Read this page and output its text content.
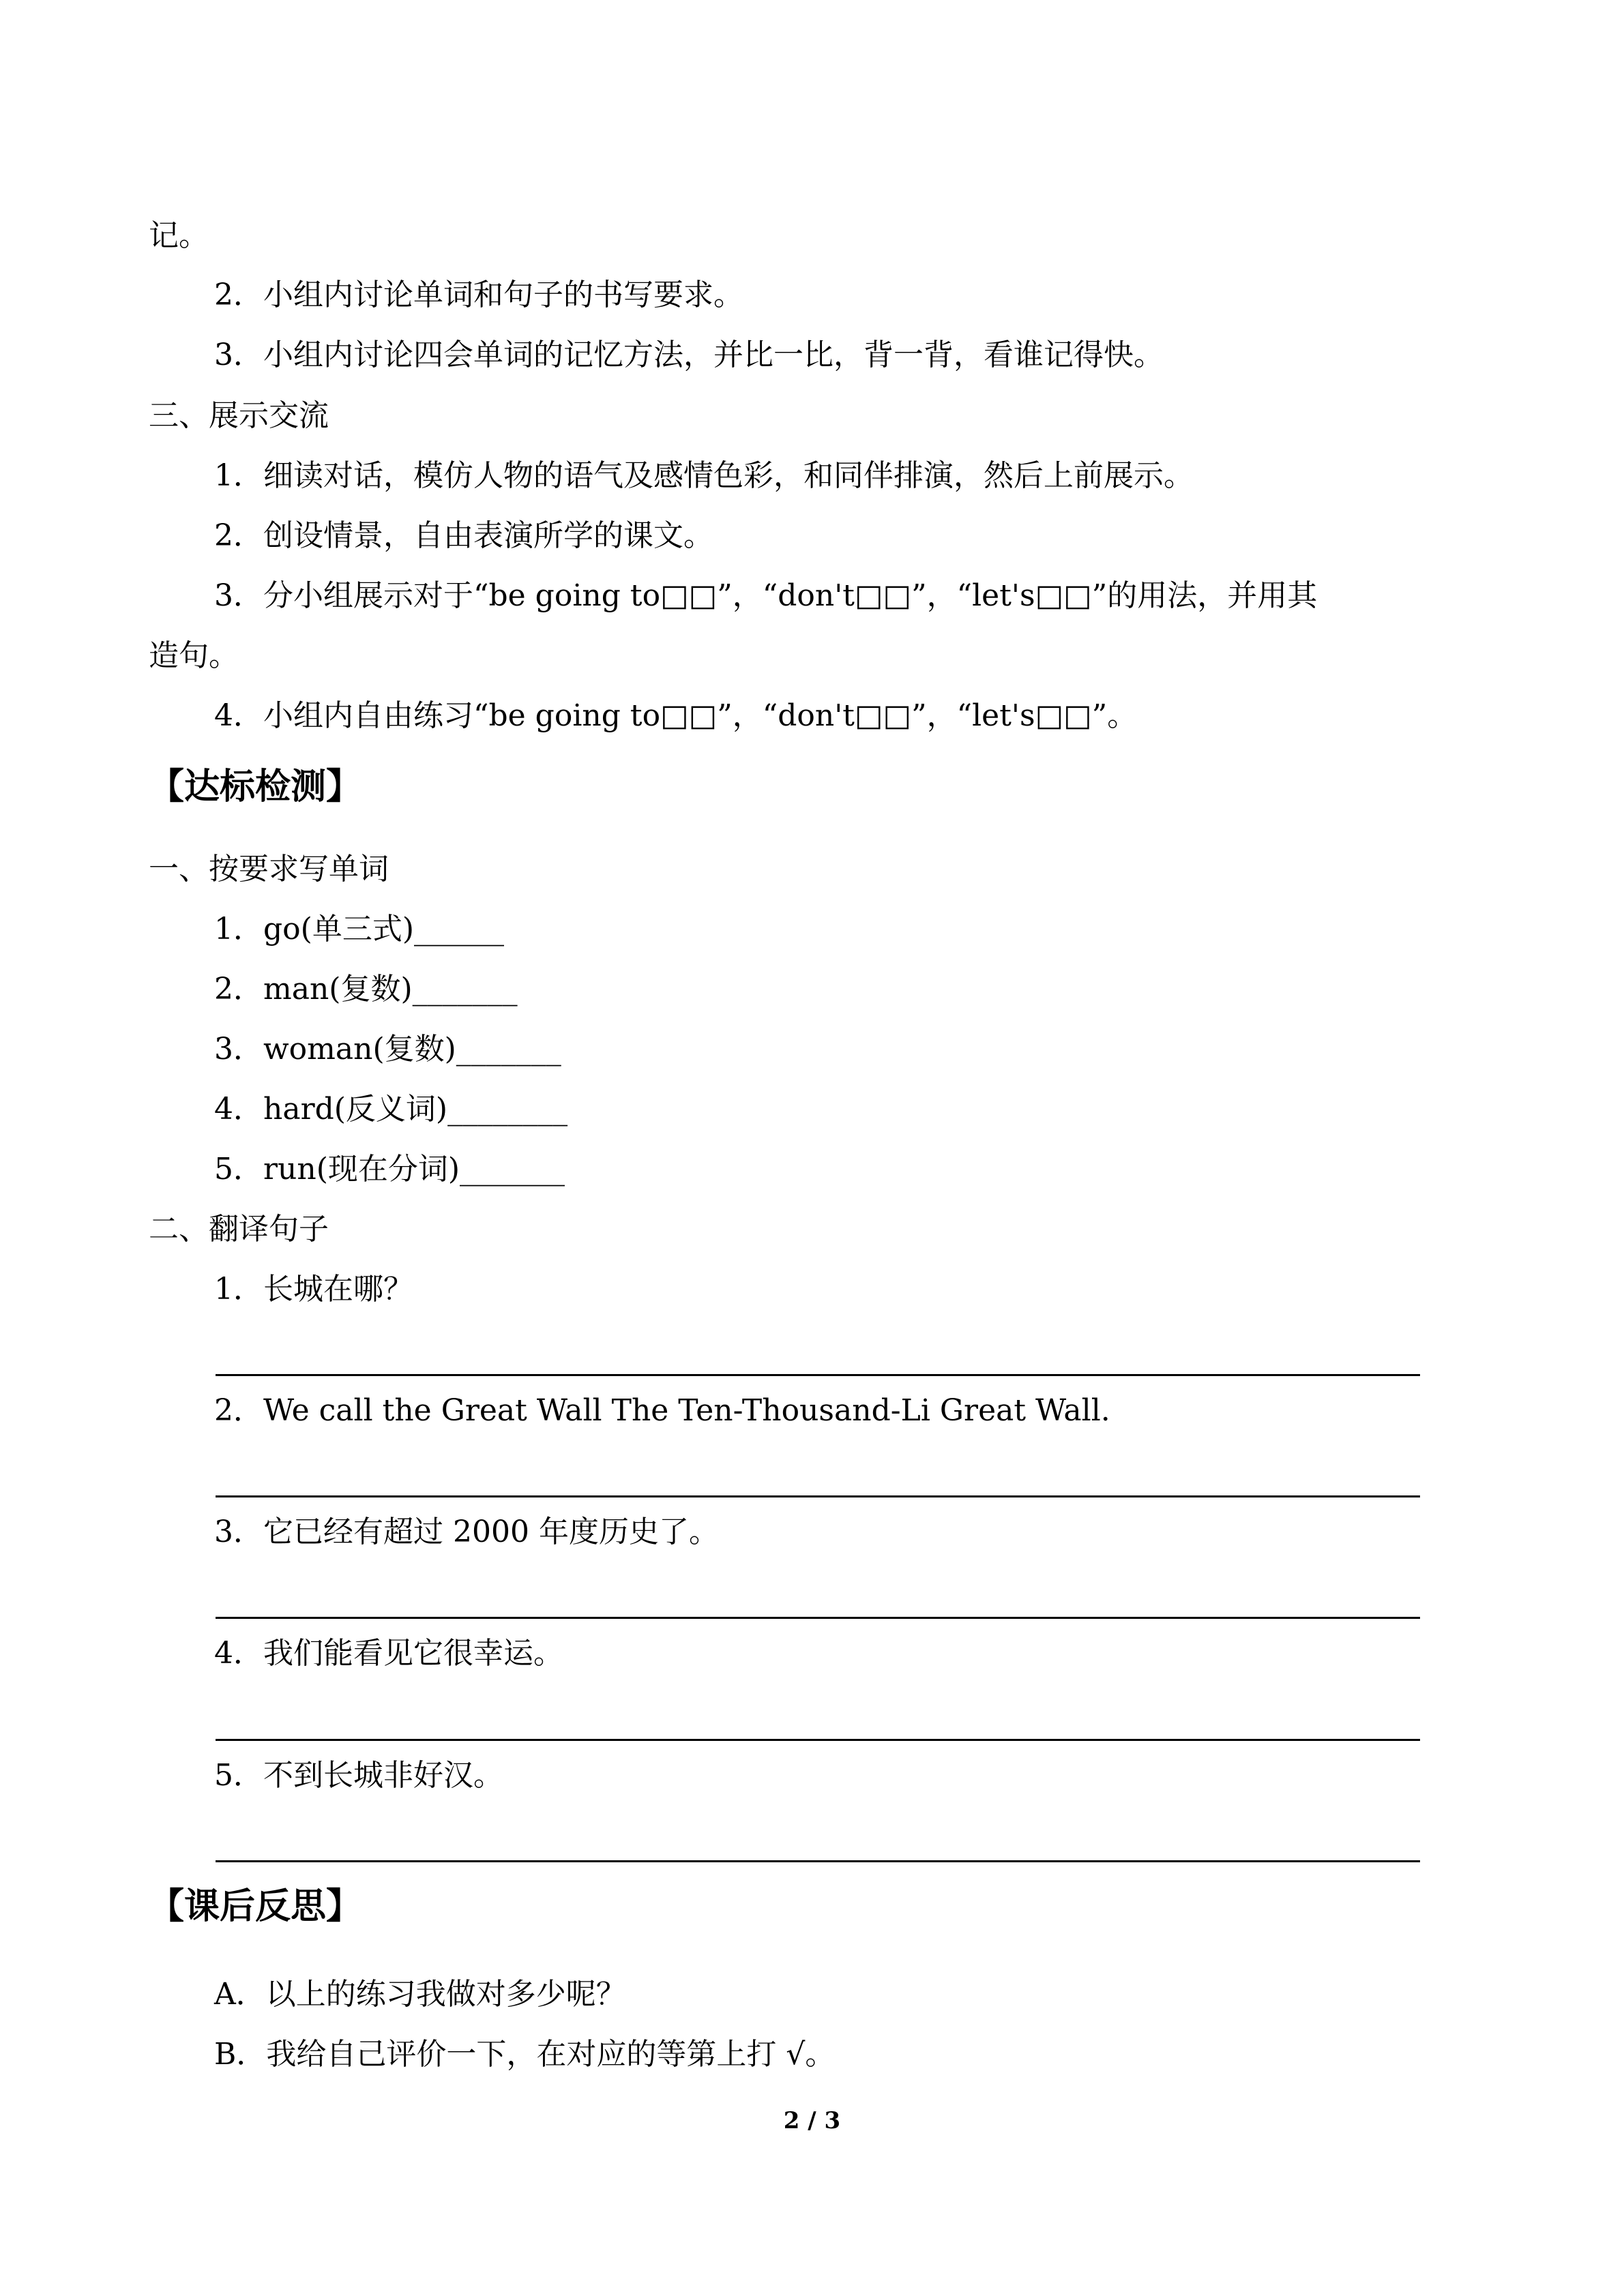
记。
2．小组内讨论单词和句子的书写要求。
3．小组内讨论四会单词的记忆方法，并比一比，背一背，看谁记得快。
三、展示交流
1．细读对话，模仿人物的语气及感情色彩，和同伴排演，然后上前展示。
2．创设情景，自由表演所学的课文。
3．分小组展示对于“be going to□□”，“don't□□”，“let's□□”的用法，并用其
造句。
4．小组内自由练习“be going to□□”，“don't□□”，“let's□□”。
【达标检测】
一、按要求写单词
1．go(单三式)______
2．man(复数)_______
3．woman(复数)_______
4．hard(反义词)________
5．run(现在分词)_______
二、翻译句子
1．长城在哪？
2．We call the Great Wall The Ten-Thousand-Li Great Wall.
3．它已经有超过 2000 年度历史了。
4．我们能看见它很幸运。
5．不到长城非好汉。
【课后反思】
A．以上的练习我做对多少呢？
B．我给自己评价一下，在对应的等第上打 √。
2 / 3
